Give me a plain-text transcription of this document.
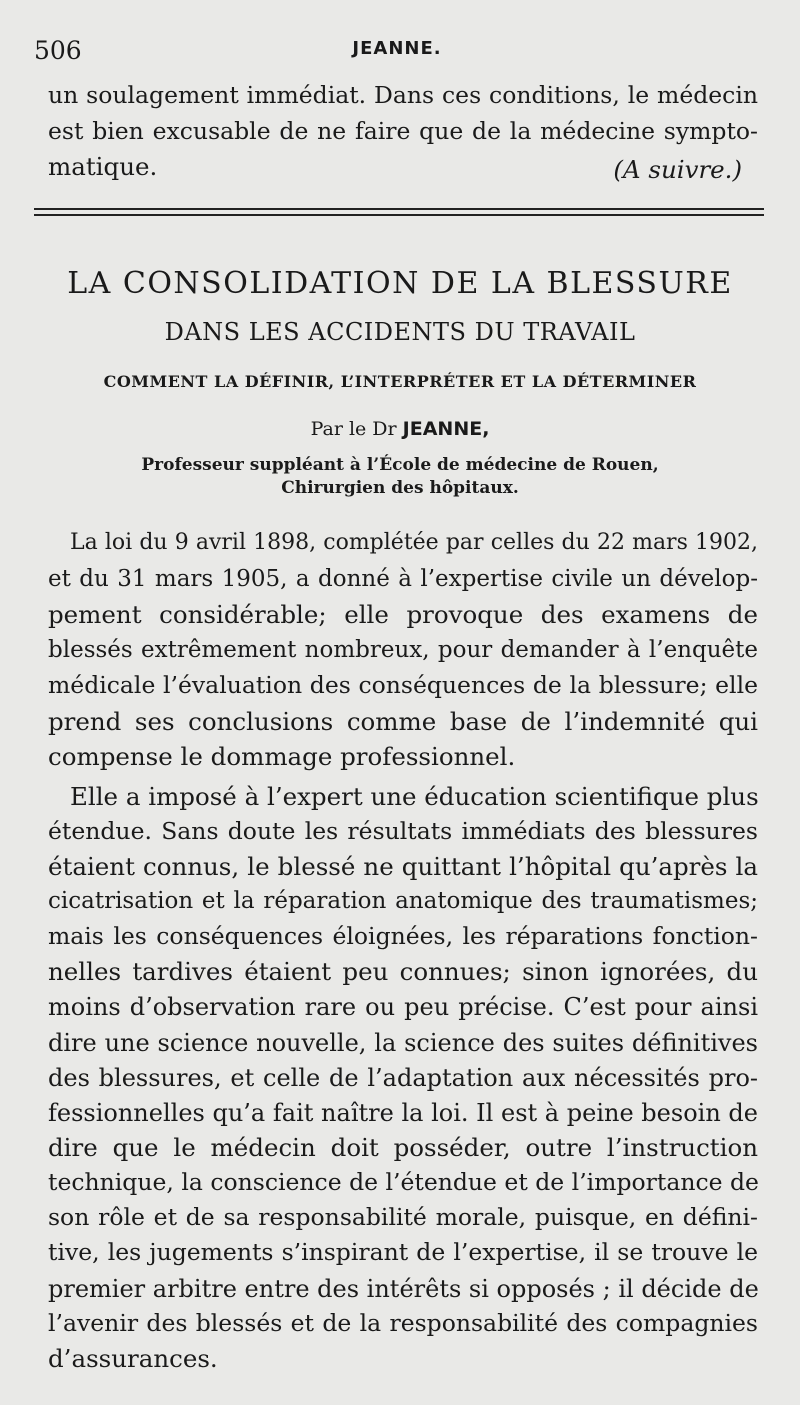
506	JEANNE.
un soulagement immédiat. Dans ces conditions, le médecin
est bien excusable de ne faire que de la médecine sympto-
matique.	(A suivre.)
LA CONSOLIDATION DE LA BLESSURE
DANS LES ACCIDENTS DU TRAVAIL
COMMENT LA DÉFINIR, L’INTERPRÉTER ET LA DÉTERMINER
Par le Dr JEANNE,
Professeur suppléant à l’École de médecine de Rouen,
Chirurgien des hôpitaux.
La loi du 9 avril 1898, complétée par celles du 22 mars 1902,
et du 31 mars 1905, a donné à l’expertise civile un dévelop-
pement considérable; elle provoque des examens de
blessés extrêmement nombreux, pour demander à l’enquête
médicale l’évaluation des conséquences de la blessure; elle
prend ses conclusions comme base de l’indemnité qui
compense le dommage professionnel.
Elle a imposé à l’expert une éducation scientifique plus
étendue. Sans doute les résultats immédiats des blessures
étaient connus, le blessé ne quittant l’hôpital qu’après la
cicatrisation et la réparation anatomique des traumatismes;
mais les conséquences éloignées, les réparations fonction-
nelles tardives étaient peu connues; sinon ignorées, du
moins d’observation rare ou peu précise. C’est pour ainsi
dire une science nouvelle, la science des suites définitives
des blessures, et celle de l’adaptation aux nécessités pro-
fessionnelles qu’a fait naître la loi. Il est à peine besoin de
dire que le médecin doit posséder, outre l’instruction
technique, la conscience de l’étendue et de l’importance de
son rôle et de sa responsabilité morale, puisque, en défini-
tive, les jugements s’inspirant de l’expertise, il se trouve le
premier arbitre entre des intérêts si opposés ; il décide de
l’avenir des blessés et de la responsabilité des compagnies
d’assurances.
